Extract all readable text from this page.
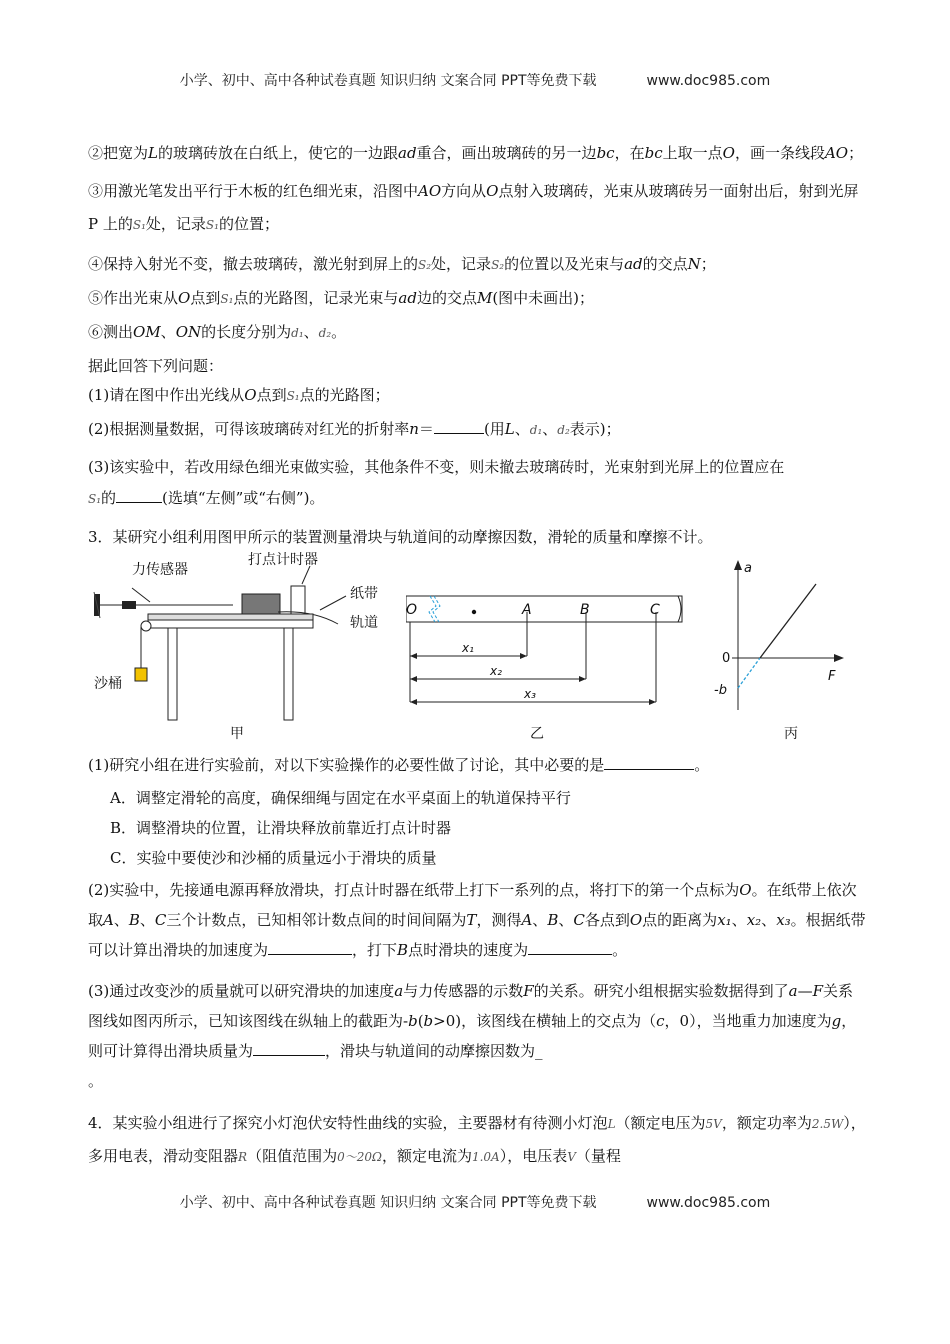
小学、初中、高中各种试卷真题 知识归纳 文案合同 PPT等免费下载	www.doc985.com

②把宽为L的玻璃砖放在白纸上，使它的一边跟ad重合，画出玻璃砖的另一边bc，在bc上取一点O，画一条线段AO；

③用激光笔发出平行于木板的红色细光束，沿图中AO方向从O点射入玻璃砖，光束从玻璃砖另一面射出后，射到光屏 P 上的S₁处，记录S₁的位置；

④保持入射光不变，撤去玻璃砖，激光射到屏上的S₂处，记录S₂的位置以及光束与ad的交点N；

⑤作出光束从O点到S₁点的光路图，记录光束与ad边的交点M(图中未画出)；

⑥测出OM、ON的长度分别为d₁、d₂。

据此回答下列问题：

(1)请在图中作出光线从O点到S₁点的光路图；

(2)根据测量数据，可得该玻璃砖对红光的折射率n＝	(用L、d₁、d₂表示)；

(3)该实验中，若改用绿色细光束做实验，其他条件不变，则未撤去玻璃砖时，光束射到光屏上的位置应在
S₁的	(选填“左侧”或“右侧”)。

3．某研究小组利用图甲所示的装置测量滑块与轨道间的动摩擦因数，滑轮的质量和摩擦不计。

力传感器
打点计时器
纸带
轨道
沙桶
甲
O	A	B	C
x₁
x₂
x₃
乙
a
F
0
-b
丙

(1)研究小组在进行实验前，对以下实验操作的必要性做了讨论，其中必要的是	。

A．调整定滑轮的高度，确保细绳与固定在水平桌面上的轨道保持平行

B．调整滑块的位置，让滑块释放前靠近打点计时器

C．实验中要使沙和沙桶的质量远小于滑块的质量

(2)实验中，先接通电源再释放滑块，打点计时器在纸带上打下一系列的点，将打下的第一个点标为O。在纸带上依次取A、B、C三个计数点，已知相邻计数点间的时间间隔为T，测得A、B、C各点到O点的距离为x₁、x₂、x₃。根据纸带可以计算出滑块的加速度为	，打下B点时滑块的速度为	。

(3)通过改变沙的质量就可以研究滑块的加速度a与力传感器的示数F的关系。研究小组根据实验数据得到了a—F关系图线如图丙所示，已知该图线在纵轴上的截距为-b(b>0)，该图线在横轴上的交点为（c，0），当地重力加速度为g，则可计算得出滑块质量为	，滑块与轨道间的动摩擦因数为_
。

4．某实验小组进行了探究小灯泡伏安特性曲线的实验，主要器材有待测小灯泡L（额定电压为5V，额定功率为2.5W），多用电表，滑动变阻器R（阻值范围为0～20Ω，额定电流为1.0A），电压表V（量程

小学、初中、高中各种试卷真题 知识归纳 文案合同 PPT等免费下载	www.doc985.com
